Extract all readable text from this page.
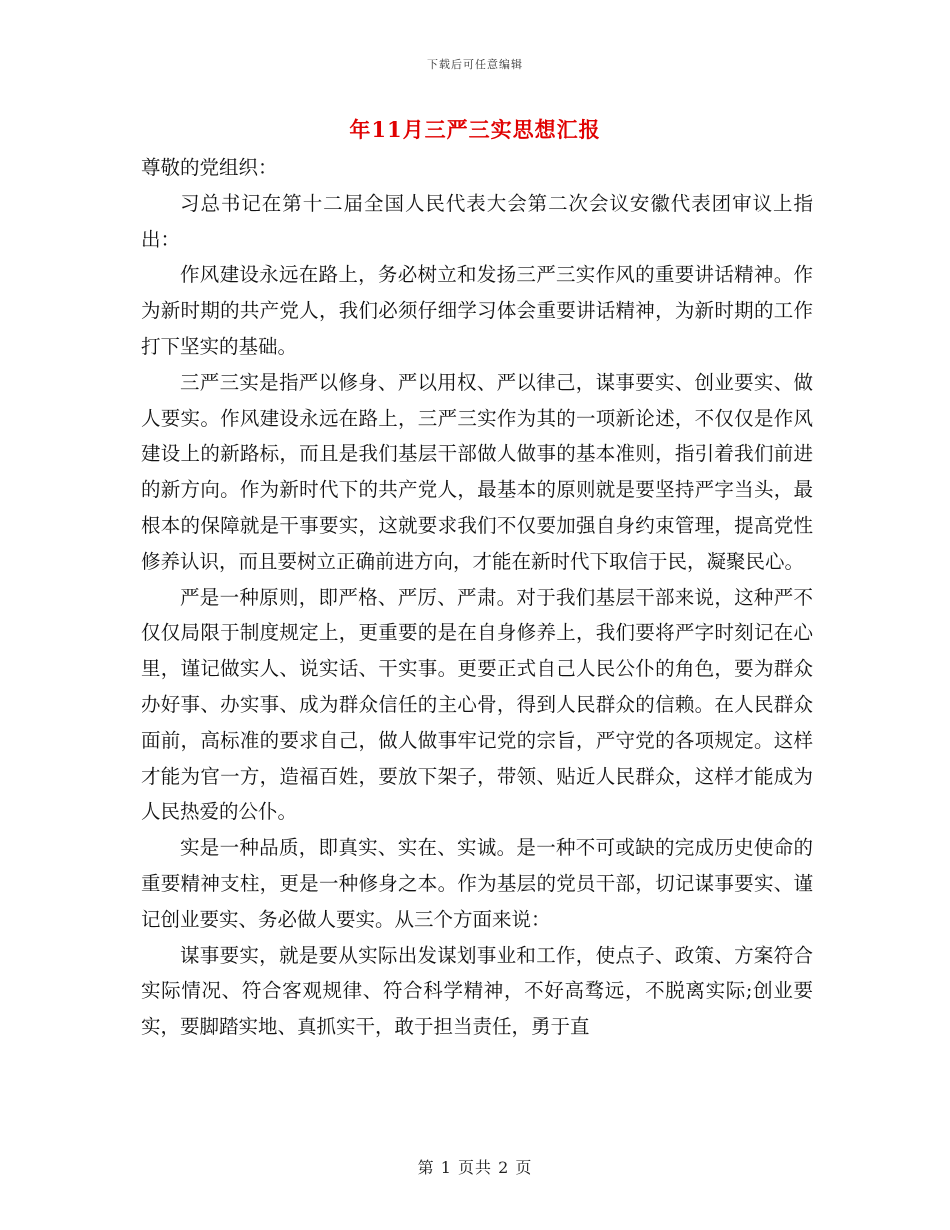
下载后可任意编辑
年11月三严三实思想汇报

尊敬的党组织：

习总书记在第十二届全国人民代表大会第二次会议安徽代表团审议上指出：

作风建设永远在路上，务必树立和发扬三严三实作风的重要讲话精神。作为新时期的共产党人，我们必须仔细学习体会重要讲话精神，为新时期的工作打下坚实的基础。

三严三实是指严以修身、严以用权、严以律己，谋事要实、创业要实、做人要实。作风建设永远在路上，三严三实作为其的一项新论述，不仅仅是作风建设上的新路标，而且是我们基层干部做人做事的基本准则，指引着我们前进的新方向。作为新时代下的共产党人，最基本的原则就是要坚持严字当头，最根本的保障就是干事要实，这就要求我们不仅要加强自身约束管理，提高党性修养认识，而且要树立正确前进方向，才能在新时代下取信于民，凝聚民心。

严是一种原则，即严格、严厉、严肃。对于我们基层干部来说，这种严不仅仅局限于制度规定上，更重要的是在自身修养上，我们要将严字时刻记在心里，谨记做实人、说实话、干实事。更要正式自己人民公仆的角色，要为群众办好事、办实事、成为群众信任的主心骨，得到人民群众的信赖。在人民群众面前，高标准的要求自己，做人做事牢记党的宗旨，严守党的各项规定。这样才能为官一方，造福百姓，要放下架子，带领、贴近人民群众，这样才能成为人民热爱的公仆。

实是一种品质，即真实、实在、实诚。是一种不可或缺的完成历史使命的重要精神支柱，更是一种修身之本。作为基层的党员干部，切记谋事要实、谨记创业要实、务必做人要实。从三个方面来说：

谋事要实，就是要从实际出发谋划事业和工作，使点子、政策、方案符合实际情况、符合客观规律、符合科学精神，不好高骛远，不脱离实际;创业要实，要脚踏实地、真抓实干，敢于担当责任，勇于直

第 1 页共 2 页
